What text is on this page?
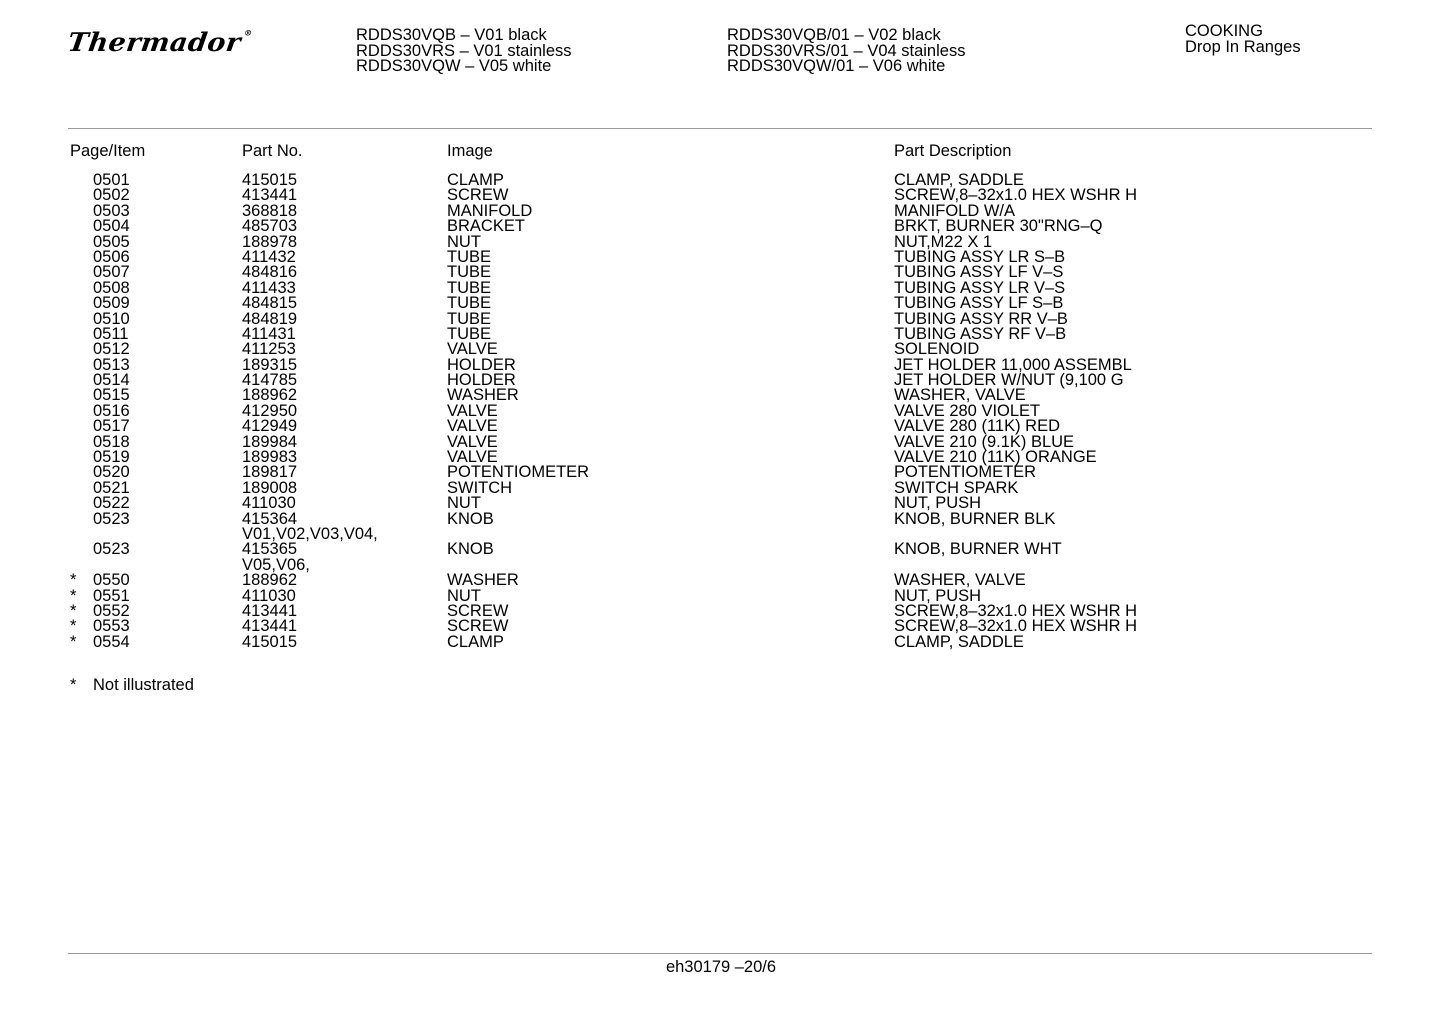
Thermador®	RDDS30VQB – V01 black
RDDS30VRS – V01 stainless
RDDS30VQW – V05 white
RDDS30VQB/01 – V02 black
RDDS30VRS/01 – V04 stainless
RDDS30VQW/01 – V06 white
COOKING
Drop In Ranges
Page/Item	Part No.	Image	Part Description
0501	415015	CLAMP	CLAMP, SADDLE
0502	413441	SCREW	SCREW,8–32x1.0 HEX WSHR H
0503	368818	MANIFOLD	MANIFOLD W/A
0504	485703	BRACKET	BRKT, BURNER 30"RNG–Q
0505	188978	NUT	NUT,M22 X 1
0506	411432	TUBE	TUBING ASSY LR S–B
0507	484816	TUBE	TUBING ASSY LF V–S
0508	411433	TUBE	TUBING ASSY LR V–S
0509	484815	TUBE	TUBING ASSY LF S–B
0510	484819	TUBE	TUBING ASSY RR V–B
0511	411431	TUBE	TUBING ASSY RF V–B
0512	411253	VALVE	SOLENOID
0513	189315	HOLDER	JET HOLDER 11,000 ASSEMBL
0514	414785	HOLDER	JET HOLDER W/NUT (9,100 G
0515	188962	WASHER	WASHER, VALVE
0516	412950	VALVE	VALVE 280 VIOLET
0517	412949	VALVE	VALVE 280 (11K) RED
0518	189984	VALVE	VALVE 210 (9.1K) BLUE
0519	189983	VALVE	VALVE 210 (11K) ORANGE
0520	189817	POTENTIOMETER	POTENTIOMETER
0521	189008	SWITCH	SWITCH SPARK
0522	411030	NUT	NUT, PUSH
0523	415364	KNOB	KNOB, BURNER BLK
V01,V02,V03,V04,
0523	415365	KNOB	KNOB, BURNER WHT
V05,V06,
* 0550	188962	WASHER	WASHER, VALVE
* 0551	411030	NUT	NUT, PUSH
* 0552	413441	SCREW	SCREW,8–32x1.0 HEX WSHR H
* 0553	413441	SCREW	SCREW,8–32x1.0 HEX WSHR H
* 0554	415015	CLAMP	CLAMP, SADDLE
* Not illustrated
eh30179 –20/6
